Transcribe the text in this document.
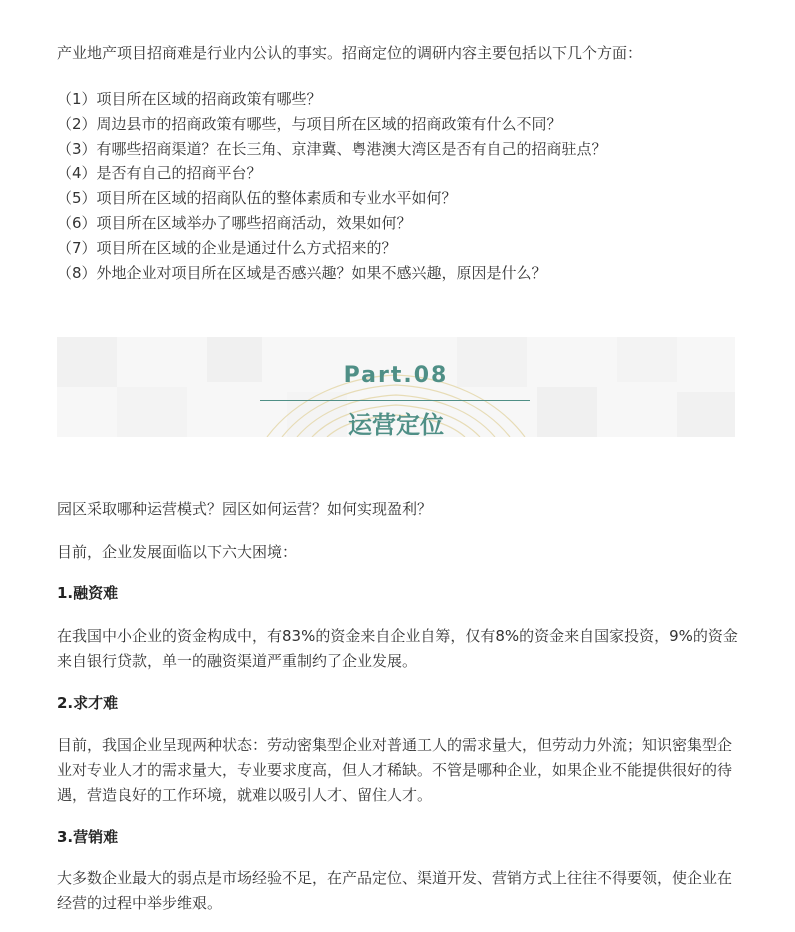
产业地产项目招商难是行业内公认的事实。招商定位的调研内容主要包括以下几个方面：

（1）项目所在区域的招商政策有哪些？
（2）周边县市的招商政策有哪些，与项目所在区域的招商政策有什么不同？
（3）有哪些招商渠道？在长三角、京津冀、粤港澳大湾区是否有自己的招商驻点？
（4）是否有自己的招商平台？
（5）项目所在区域的招商队伍的整体素质和专业水平如何？
（6）项目所在区域举办了哪些招商活动，效果如何？
（7）项目所在区域的企业是通过什么方式招来的？
（8）外地企业对项目所在区域是否感兴趣？如果不感兴趣，原因是什么？
Part.08
运营定位

园区采取哪种运营模式？园区如何运营？如何实现盈利？

目前，企业发展面临以下六大困境：

1.融资难

在我国中小企业的资金构成中，有83%的资金来自企业自筹，仅有8%的资金来自国家投资，9%的资金来自银行贷款，单一的融资渠道严重制约了企业发展。

2.求才难

目前，我国企业呈现两种状态：劳动密集型企业对普通工人的需求量大，但劳动力外流；知识密集型企业对专业人才的需求量大，专业要求度高，但人才稀缺。不管是哪种企业，如果企业不能提供很好的待遇，营造良好的工作环境，就难以吸引人才、留住人才。

3.营销难

大多数企业最大的弱点是市场经验不足，在产品定位、渠道开发、营销方式上往往不得要领，使企业在经营的过程中举步维艰。
